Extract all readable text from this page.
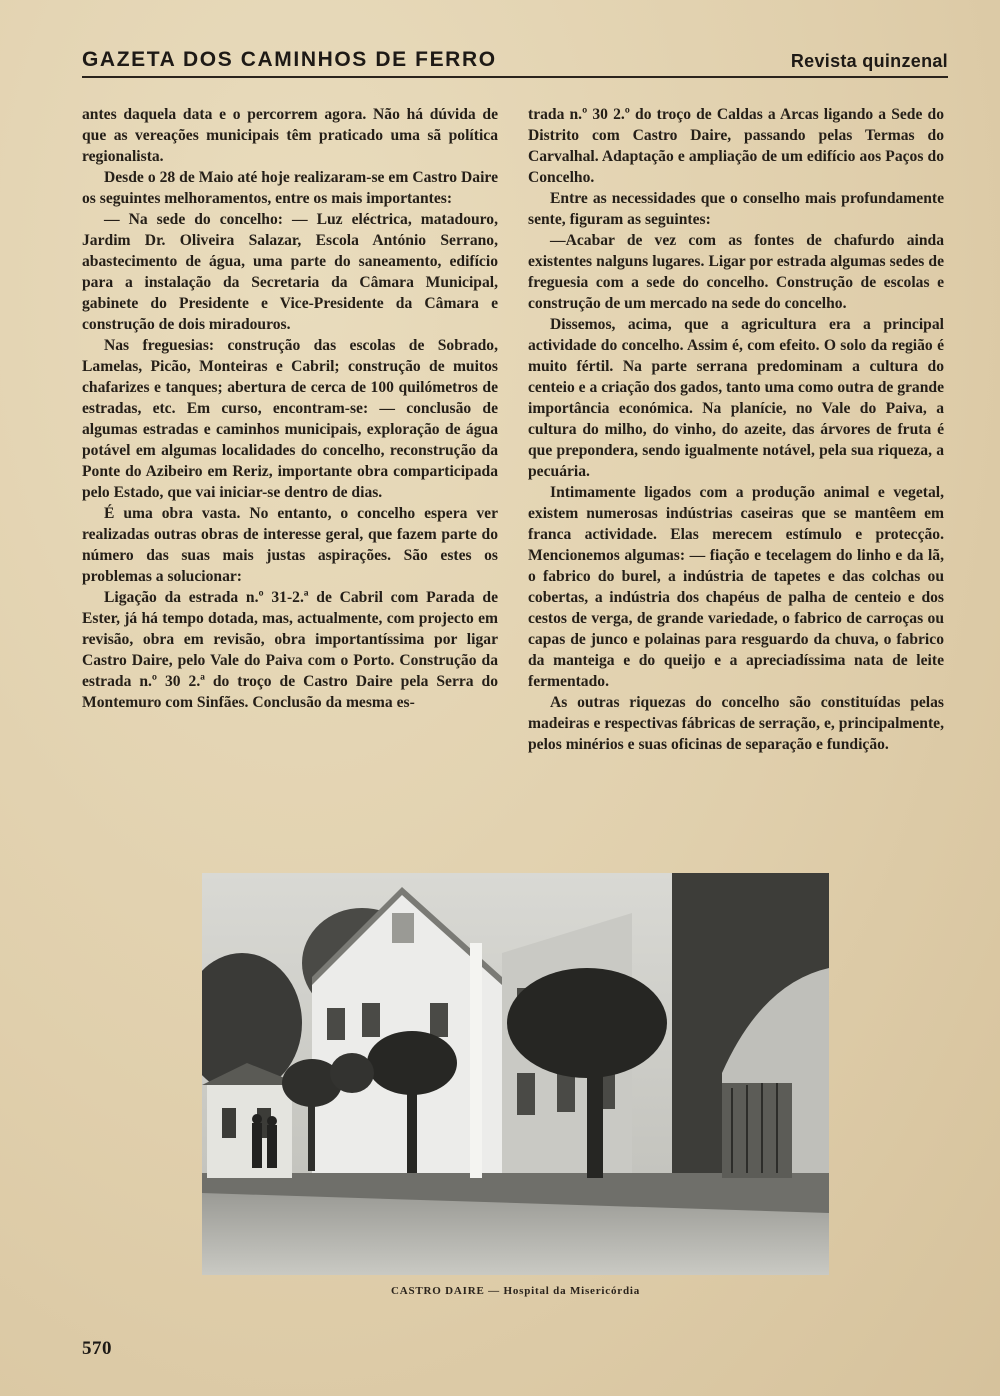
GAZETA DOS CAMINHOS DE FERRO	Revista quinzenal

antes daquela data e o percorrem agora. Não há dúvida de que as vereações municipais têm praticado uma sã política regionalista.

Desde o 28 de Maio até hoje realizaram-se em Castro Daire os seguintes melhoramentos, entre os mais importantes:

— Na sede do concelho: — Luz eléctrica, matadouro, Jardim Dr. Oliveira Salazar, Escola António Serrano, abastecimento de água, uma parte do saneamento, edifício para a instalação da Secretaria da Câmara Municipal, gabinete do Presidente e Vice-Presidente da Câmara e construção de dois miradouros.

Nas freguesias: construção das escolas de Sobrado, Lamelas, Picão, Monteiras e Cabril; construção de muitos chafarizes e tanques; abertura de cerca de 100 quilómetros de estradas, etc. Em curso, encontram-se: — conclusão de algumas estradas e caminhos municipais, exploração de água potável em algumas localidades do concelho, reconstrução da Ponte do Azibeiro em Reriz, importante obra comparticipada pelo Estado, que vai iniciar-se dentro de dias.

É uma obra vasta. No entanto, o concelho espera ver realizadas outras obras de interesse geral, que fazem parte do número das suas mais justas aspirações. São estes os problemas a solucionar:

Ligação da estrada n.º 31-2.ª de Cabril com Parada de Ester, já há tempo dotada, mas, actualmente, com projecto em revisão, obra em revisão, obra importantíssima por ligar Castro Daire, pelo Vale do Paiva com o Porto. Construção da estrada n.º 30 2.ª do troço de Castro Daire pela Serra do Montemuro com Sinfães. Conclusão da mesma es-

trada n.º 30 2.º do troço de Caldas a Arcas ligando a Sede do Distrito com Castro Daire, passando pelas Termas do Carvalhal. Adaptação e ampliação de um edifício aos Paços do Concelho.

Entre as necessidades que o conselho mais profundamente sente, figuram as seguintes:

—Acabar de vez com as fontes de chafurdo ainda existentes nalguns lugares. Ligar por estrada algumas sedes de freguesia com a sede do concelho. Construção de escolas e construção de um mercado na sede do concelho.

Dissemos, acima, que a agricultura era a principal actividade do concelho. Assim é, com efeito. O solo da região é muito fértil. Na parte serrana predominam a cultura do centeio e a criação dos gados, tanto uma como outra de grande importância económica. Na planície, no Vale do Paiva, a cultura do milho, do vinho, do azeite, das árvores de fruta é que prepondera, sendo igualmente notável, pela sua riqueza, a pecuária.

Intimamente ligados com a produção animal e vegetal, existem numerosas indústrias caseiras que se mantêem em franca actividade. Elas merecem estímulo e protecção. Mencionemos algumas: — fiação e tecelagem do linho e da lã, o fabrico do burel, a indústria de tapetes e das colchas ou cobertas, a indústria dos chapéus de palha de centeio e dos cestos de verga, de grande variedade, o fabrico de carroças ou capas de junco e polainas para resguardo da chuva, o fabrico da manteiga e do queijo e a apreciadíssima nata de leite fermentado.

As outras riquezas do concelho são constituídas pelas madeiras e respectivas fábricas de serração, e, principalmente, pelos minérios e suas oficinas de separação e fundição.

CASTRO DAIRE — Hospital da Misericórdia
570
